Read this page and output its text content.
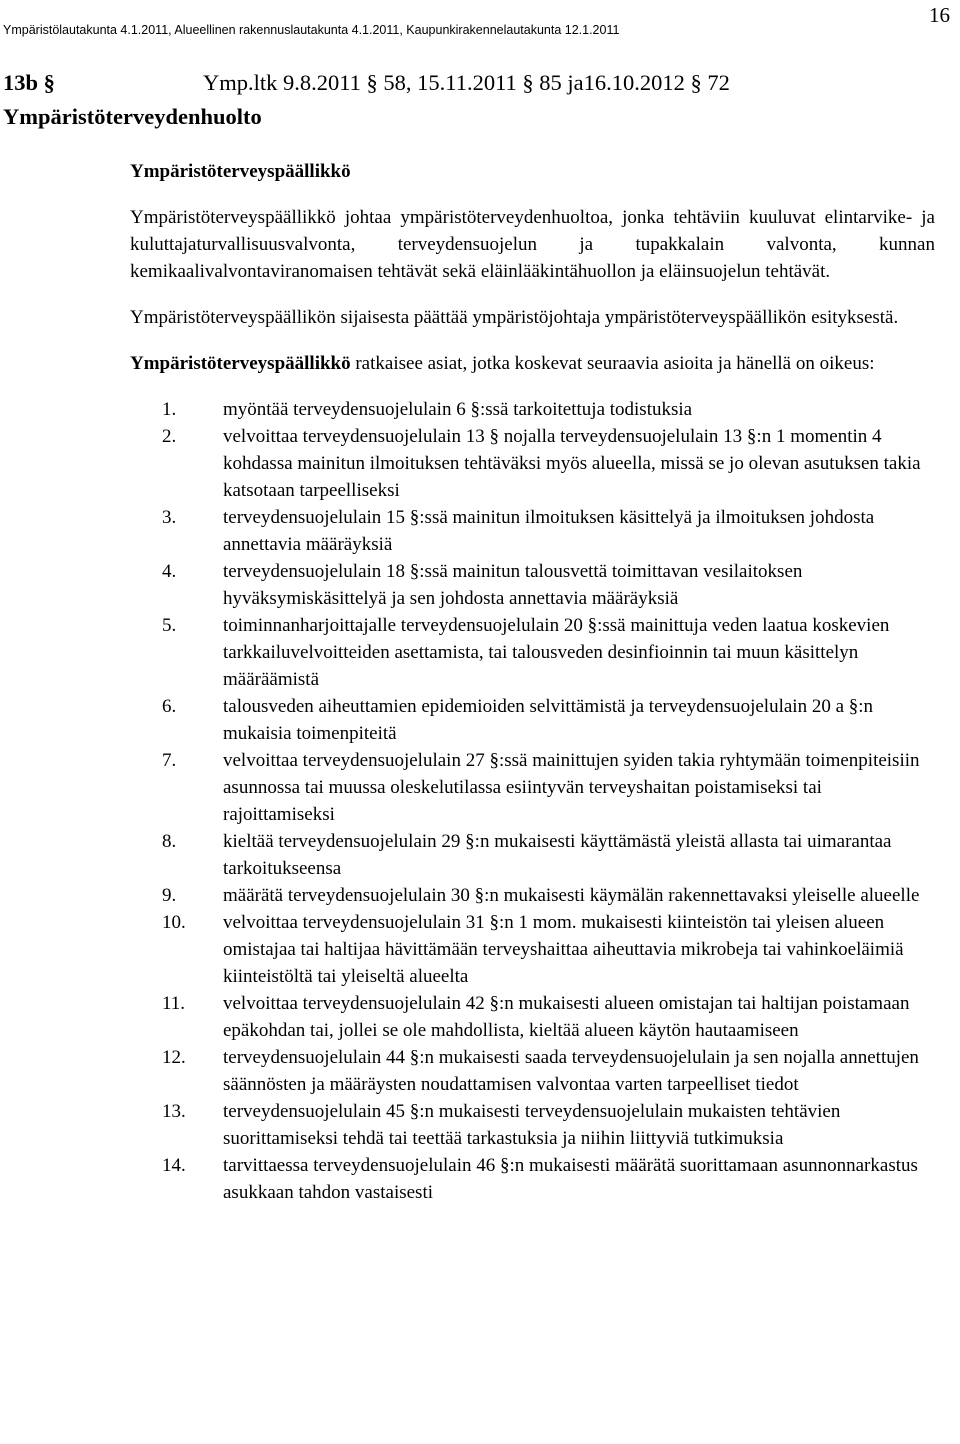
Ympäristölautakunta 4.1.2011, Alueellinen rakennuslautakunta 4.1.2011, Kaupunkirakennelautakunta 12.1.2011
16
13b §	Ymp.ltk 9.8.2011 § 58, 15.11.2011 § 85 ja16.10.2012 § 72
Ympäristöterveydenhuolto
Ympäristöterveyspäällikkö

Ympäristöterveyspäällikkö johtaa ympäristöterveydenhuoltoa, jonka tehtäviin kuuluvat elintarvike- ja kuluttajaturvallisuusvalvonta, terveydensuojelun ja tupakkalain valvonta, kunnan kemikaalivalvontaviranomaisen tehtävät sekä eläinlääkintähuollon ja eläinsuojelun tehtävät.

Ympäristöterveyspäällikön sijaisesta päättää ympäristöjohtaja ympäristöterveyspäällikön esityksestä.

Ympäristöterveyspäällikkö ratkaisee asiat, jotka koskevat seuraavia asioita ja hänellä on oikeus:

1. myöntää terveydensuojelulain 6 §:ssä tarkoitettuja todistuksia
2. velvoittaa terveydensuojelulain 13 § nojalla terveydensuojelulain 13 §:n 1 momentin 4 kohdassa mainitun ilmoituksen tehtäväksi myös alueella, missä se jo olevan asutuksen takia katsotaan tarpeelliseksi
3. terveydensuojelulain 15 §:ssä mainitun ilmoituksen käsittelyä ja ilmoituksen johdosta annettavia määräyksiä
4. terveydensuojelulain 18 §:ssä mainitun talousvettä toimittavan vesilaitoksen hyväksymiskäsittelyä ja sen johdosta annettavia määräyksiä
5. toiminnanharjoittajalle terveydensuojelulain 20 §:ssä mainittuja veden laatua koskevien tarkkailuvelvoitteiden asettamista, tai talousveden desinfioinnin tai muun käsittelyn määräämistä
6. talousveden aiheuttamien epidemioiden selvittämistä ja terveydensuojelulain 20 a §:n mukaisia toimenpiteitä
7. velvoittaa terveydensuojelulain 27 §:ssä mainittujen syiden takia ryhtymään toimenpiteisiin asunnossa tai muussa oleskelutilassa esiintyvän terveyshaitan poistamiseksi tai rajoittamiseksi
8. kieltää terveydensuojelulain 29 §:n mukaisesti käyttämästä yleistä allasta tai uimarantaa tarkoitukseensa
9. määrätä terveydensuojelulain 30 §:n mukaisesti käymälän rakennettavaksi yleiselle alueelle
10. velvoittaa terveydensuojelulain 31 §:n 1 mom. mukaisesti kiinteistön tai yleisen alueen omistajaa tai haltijaa hävittämään terveyshaittaa aiheuttavia mikrobeja tai vahinkoeläimiä kiinteistöltä tai yleiseltä alueelta
11. velvoittaa terveydensuojelulain 42 §:n mukaisesti alueen omistajan tai haltijan poistamaan epäkohdan tai, jollei se ole mahdollista, kieltää alueen käytön hautaamiseen
12. terveydensuojelulain 44 §:n mukaisesti saada terveydensuojelulain ja sen nojalla annettujen säännösten ja määräysten noudattamisen valvontaa varten tarpeelliset tiedot
13. terveydensuojelulain 45 §:n mukaisesti terveydensuojelulain mukaisten tehtävien suorittamiseksi tehdä tai teettää tarkastuksia ja niihin liittyviä tutkimuksia
14. tarvittaessa terveydensuojelulain 46 §:n mukaisesti määrätä suorittamaan asunnonnarkastus asukkaan tahdon vastaisesti
